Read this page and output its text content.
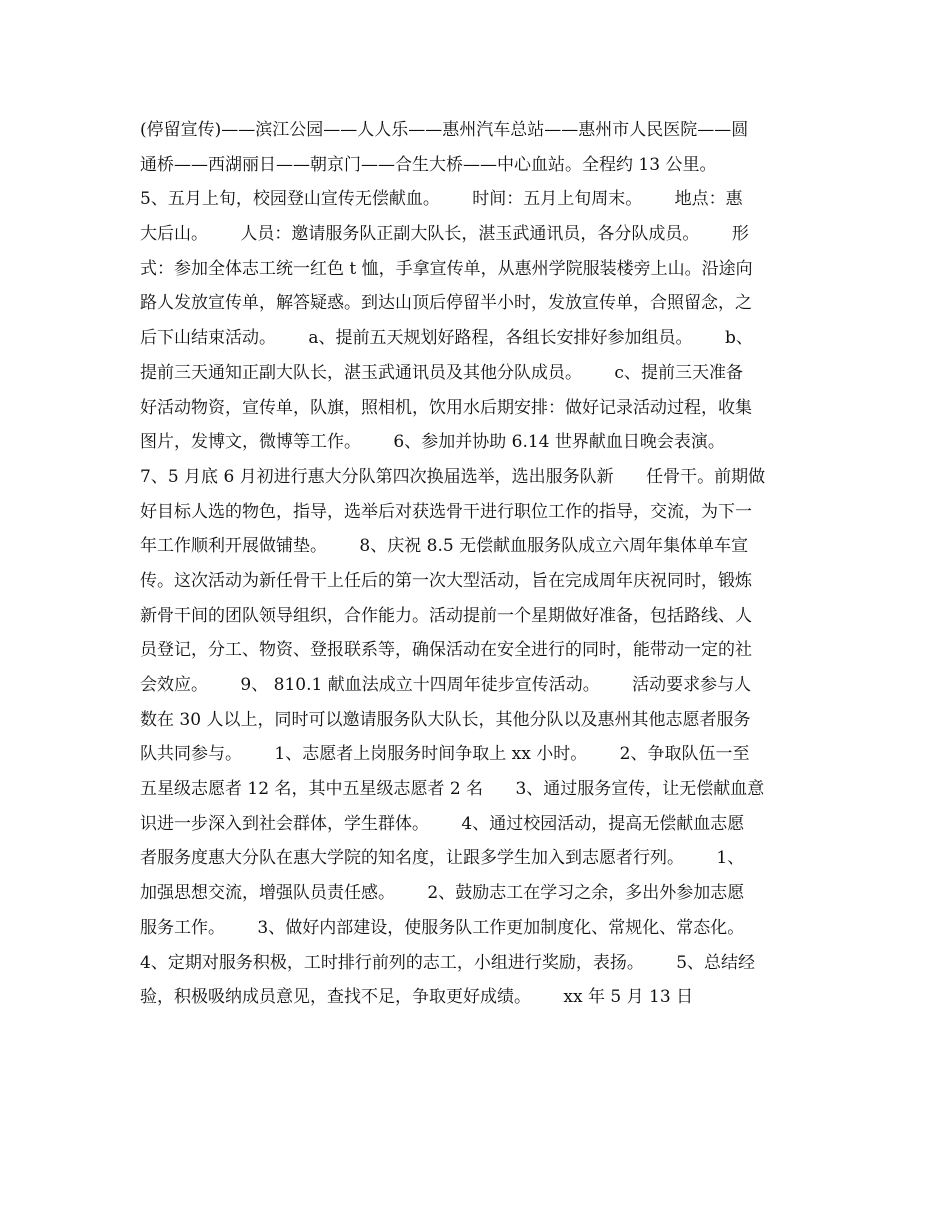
(停留宣传)——滨江公园——人人乐——惠州汽车总站——惠州市人民医院——圆
通桥——西湖丽日——朝京门——合生大桥——中心血站。全程约 13 公里。
5、五月上旬，校园登山宣传无偿献血。      时间：五月上旬周末。      地点：惠
大后山。      人员：邀请服务队正副大队长，湛玉武通讯员，各分队成员。      形
式：参加全体志工统一红色 t 恤，手拿宣传单，从惠州学院服装楼旁上山。沿途向
路人发放宣传单，解答疑惑。到达山顶后停留半小时，发放宣传单，合照留念，之
后下山结束活动。      a、提前五天规划好路程，各组长安排好参加组员。      b、
提前三天通知正副大队长，湛玉武通讯员及其他分队成员。      c、提前三天准备
好活动物资，宣传单，队旗，照相机，饮用水后期安排：做好记录活动过程，收集
图片，发博文，微博等工作。      6、参加并协助 6.14 世界献血日晚会表演。
7、5 月底 6 月初进行惠大分队第四次换届选举，选出服务队新      任骨干。前期做
好目标人选的物色，指导，选举后对获选骨干进行职位工作的指导，交流，为下一
年工作顺利开展做铺垫。      8、庆祝 8.5 无偿献血服务队成立六周年集体单车宣
传。这次活动为新任骨干上任后的第一次大型活动，旨在完成周年庆祝同时，锻炼
新骨干间的团队领导组织，合作能力。活动提前一个星期做好准备，包括路线、人
员登记，分工、物资、登报联系等，确保活动在安全进行的同时，能带动一定的社
会效应。      9、 810.1 献血法成立十四周年徒步宣传活动。      活动要求参与人
数在 30 人以上，同时可以邀请服务队大队长，其他分队以及惠州其他志愿者服务
队共同参与。      1、志愿者上岗服务时间争取上 xx 小时。      2、争取队伍一至
五星级志愿者 12 名，其中五星级志愿者 2 名      3、通过服务宣传，让无偿献血意
识进一步深入到社会群体，学生群体。      4、通过校园活动，提高无偿献血志愿
者服务度惠大分队在惠大学院的知名度，让跟多学生加入到志愿者行列。      1、
加强思想交流，增强队员责任感。      2、鼓励志工在学习之余，多出外参加志愿
服务工作。      3、做好内部建设，使服务队工作更加制度化、常规化、常态化。
4、定期对服务积极，工时排行前列的志工，小组进行奖励，表扬。      5、总结经
验，积极吸纳成员意见，查找不足，争取更好成绩。      xx 年 5 月 13 日
